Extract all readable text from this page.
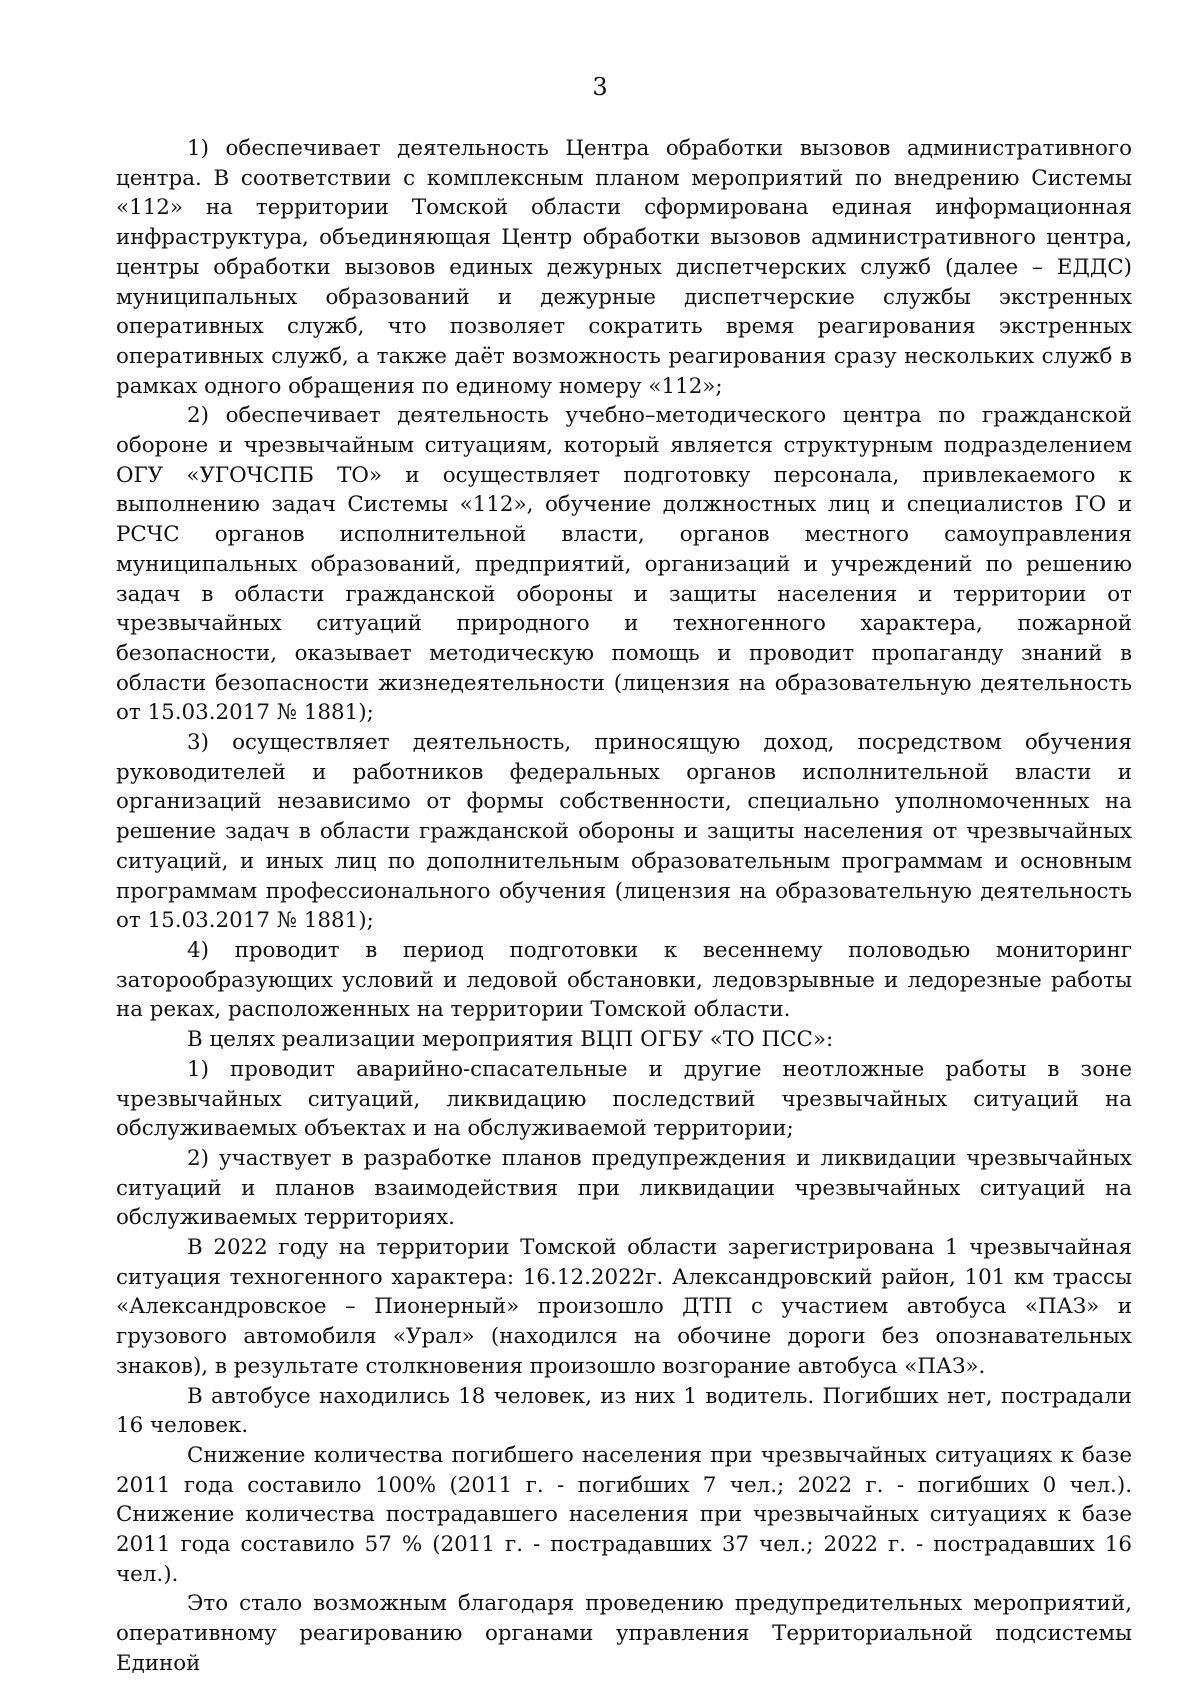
3

1) обеспечивает деятельность Центра обработки вызовов административного центра. В соответствии с комплексным планом мероприятий по внедрению Системы «112» на территории Томской области сформирована единая информационная инфраструктура, объединяющая Центр обработки вызовов административного центра, центры обработки вызовов единых дежурных диспетчерских служб (далее – ЕДДС) муниципальных образований и дежурные диспетчерские службы экстренных оперативных служб, что позволяет сократить время реагирования экстренных оперативных служб, а также даёт возможность реагирования сразу нескольких служб в рамках одного обращения по единому номеру «112»;

2) обеспечивает деятельность учебно–методического центра по гражданской обороне и чрезвычайным ситуациям, который является структурным подразделением ОГУ «УГОЧСПБ ТО» и осуществляет подготовку персонала, привлекаемого к выполнению задач Системы «112», обучение должностных лиц и специалистов ГО и РСЧС органов исполнительной власти, органов местного самоуправления муниципальных образований, предприятий, организаций и учреждений по решению задач в области гражданской обороны и защиты населения и территории от чрезвычайных ситуаций природного и техногенного характера, пожарной безопасности, оказывает методическую помощь и проводит пропаганду знаний в области безопасности жизнедеятельности (лицензия на образовательную деятельность от 15.03.2017 № 1881);

3) осуществляет деятельность, приносящую доход, посредством обучения руководителей и работников федеральных органов исполнительной власти и организаций независимо от формы собственности, специально уполномоченных на решение задач в области гражданской обороны и защиты населения от чрезвычайных ситуаций, и иных лиц по дополнительным образовательным программам и основным программам профессионального обучения (лицензия на образовательную деятельность от 15.03.2017 № 1881);

4) проводит в период подготовки к весеннему половодью мониторинг заторообразующих условий и ледовой обстановки, ледовзрывные и ледорезные работы на реках, расположенных на территории Томской области.

В целях реализации мероприятия ВЦП ОГБУ «ТО ПСС»:

1) проводит аварийно-спасательные и другие неотложные работы в зоне чрезвычайных ситуаций, ликвидацию последствий чрезвычайных ситуаций на обслуживаемых объектах и на обслуживаемой территории;

2) участвует в разработке планов предупреждения и ликвидации чрезвычайных ситуаций и планов взаимодействия при ликвидации чрезвычайных ситуаций на обслуживаемых территориях.

В 2022 году на территории Томской области зарегистрирована 1 чрезвычайная ситуация техногенного характера: 16.12.2022г. Александровский район, 101 км трассы «Александровское – Пионерный» произошло ДТП с участием автобуса «ПАЗ» и грузового автомобиля «Урал» (находился на обочине дороги без опознавательных знаков), в результате столкновения произошло возгорание автобуса «ПАЗ».

В автобусе находились 18 человек, из них 1 водитель. Погибших нет, пострадали 16 человек.

Снижение количества погибшего населения при чрезвычайных ситуациях к базе 2011 года составило 100% (2011 г. - погибших 7 чел.; 2022 г. - погибших 0 чел.). Снижение количества пострадавшего населения при чрезвычайных ситуациях к базе 2011 года составило 57 % (2011 г. - пострадавших 37 чел.; 2022 г. - пострадавших 16 чел.).

Это стало возможным благодаря проведению предупредительных мероприятий, оперативному реагированию органами управления Территориальной подсистемы Единой
